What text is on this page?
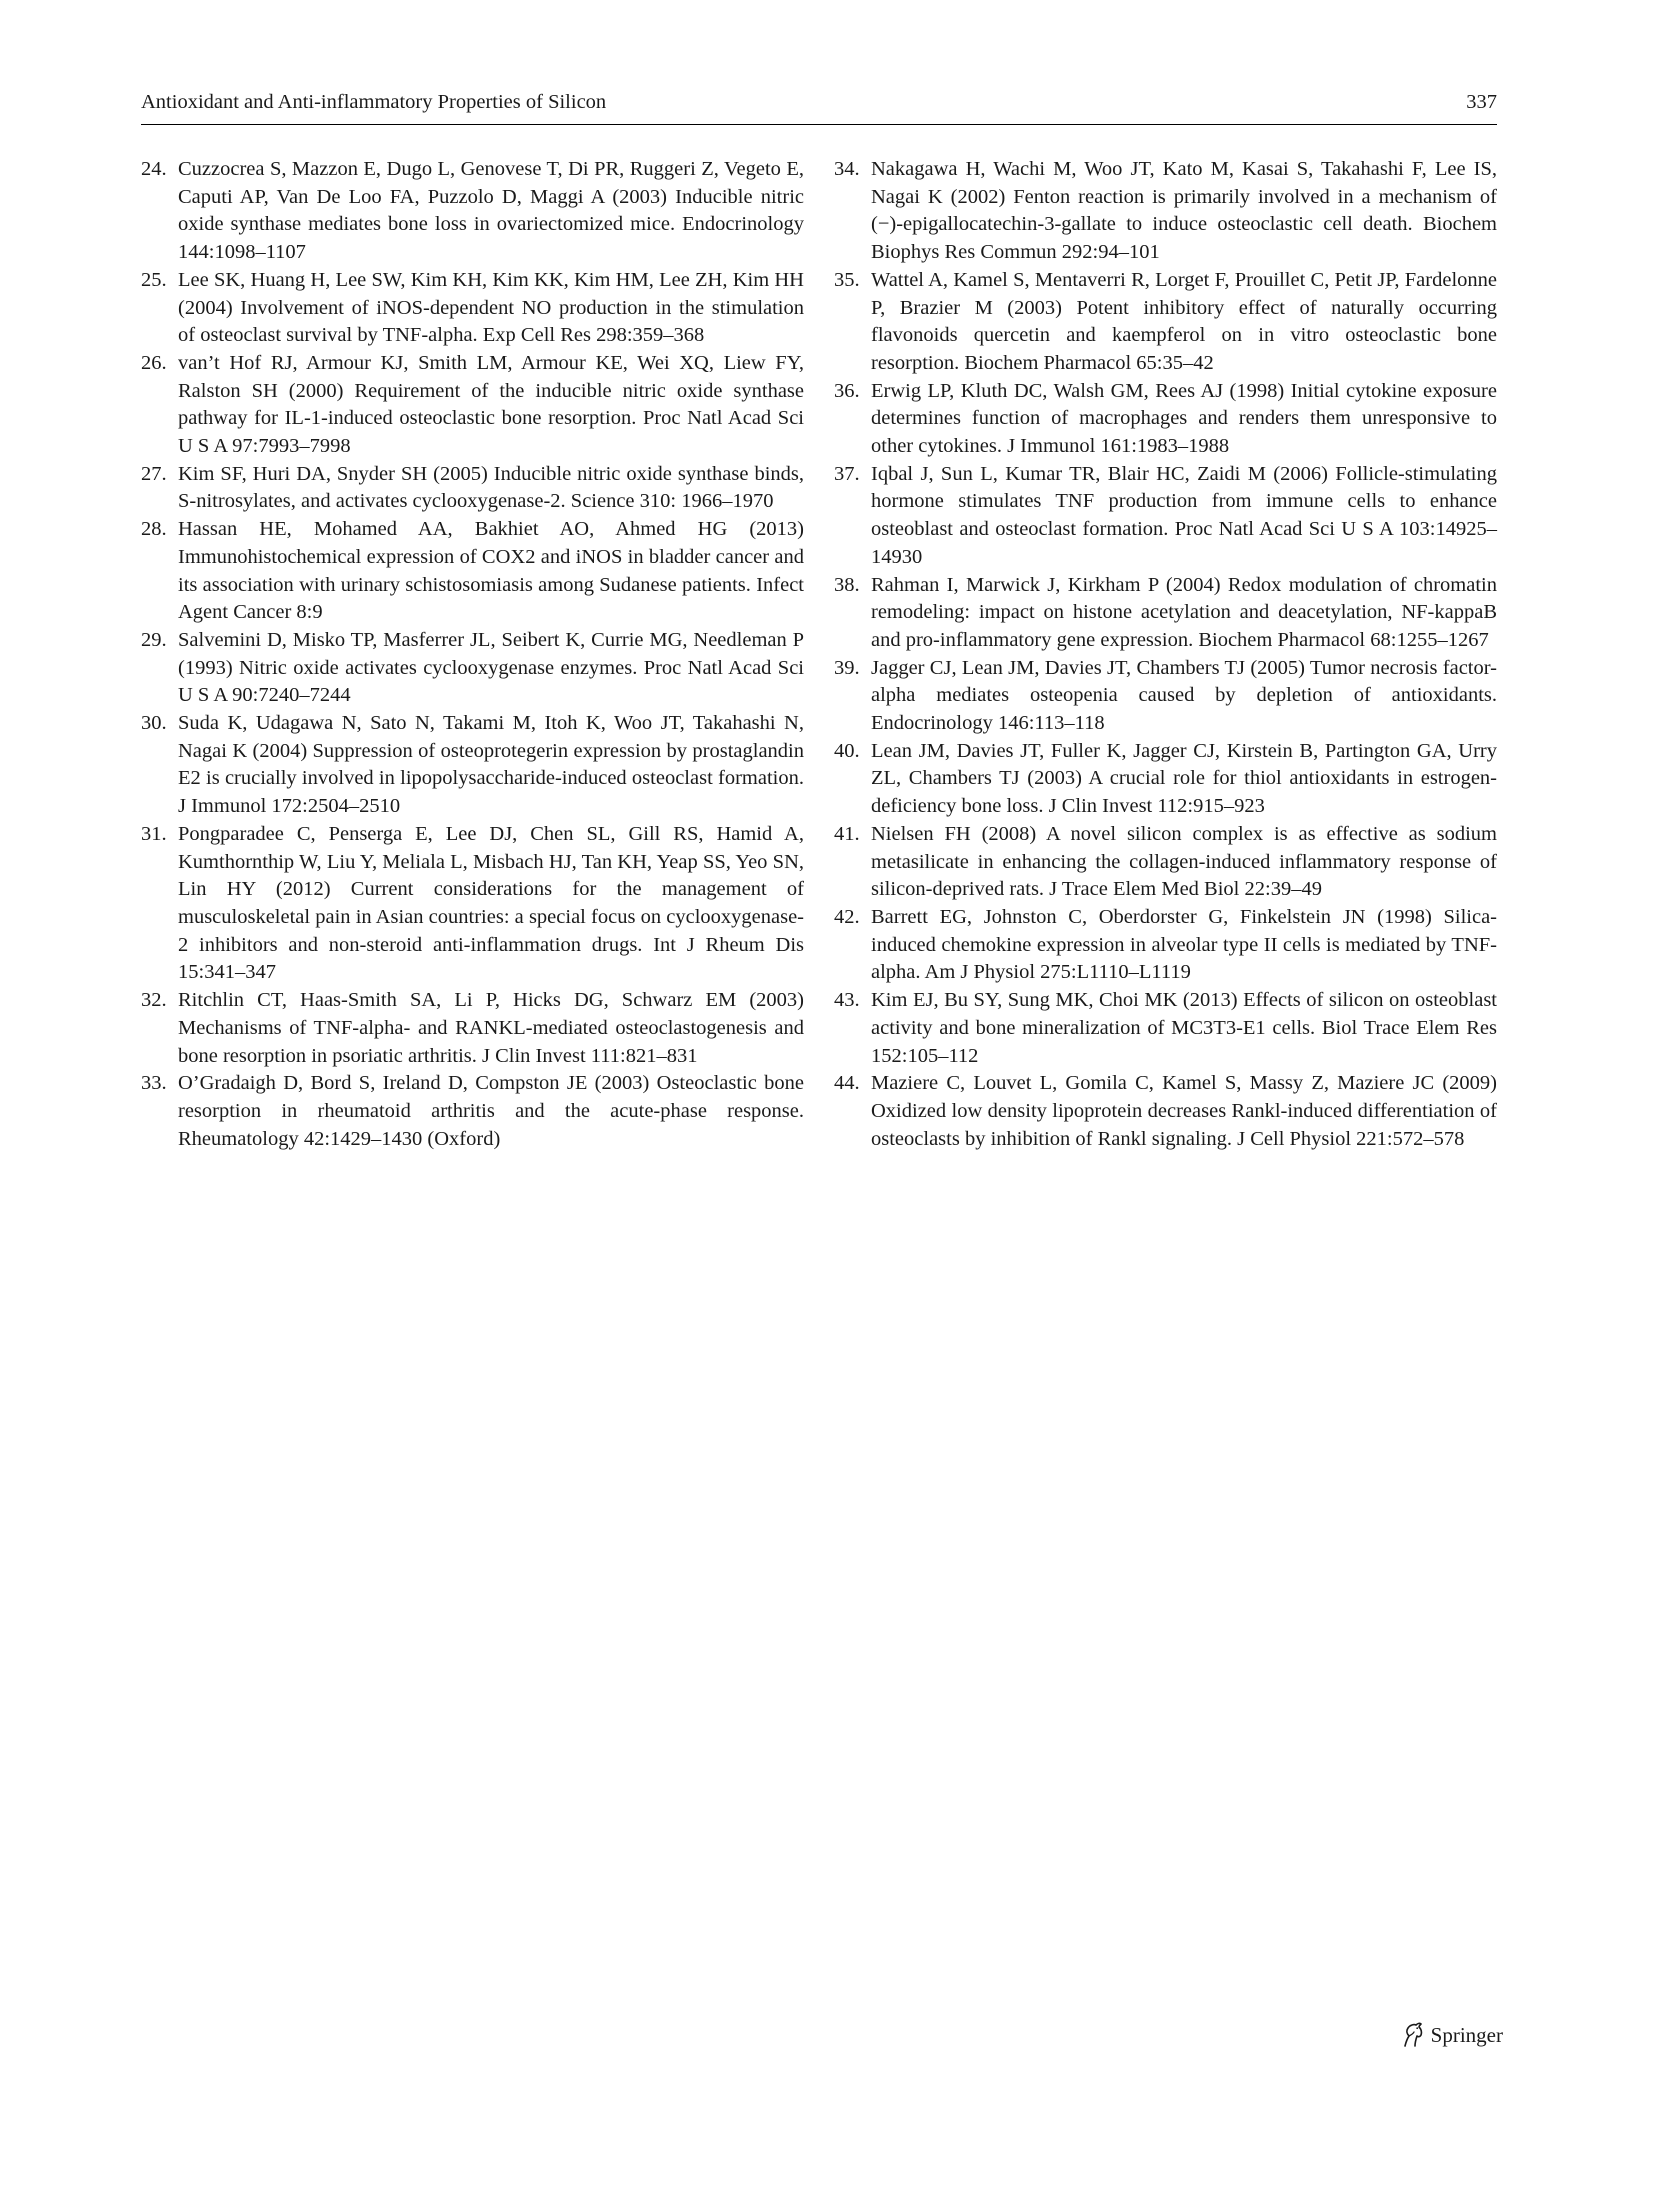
Antioxidant and Anti-inflammatory Properties of Silicon	337
24. Cuzzocrea S, Mazzon E, Dugo L, Genovese T, Di PR, Ruggeri Z, Vegeto E, Caputi AP, Van De Loo FA, Puzzolo D, Maggi A (2003) Inducible nitric oxide synthase mediates bone loss in ovariectomized mice. Endocrinology 144:1098–1107
25. Lee SK, Huang H, Lee SW, Kim KH, Kim KK, Kim HM, Lee ZH, Kim HH (2004) Involvement of iNOS-dependent NO production in the stimulation of osteoclast survival by TNF-alpha. Exp Cell Res 298:359–368
26. van’t Hof RJ, Armour KJ, Smith LM, Armour KE, Wei XQ, Liew FY, Ralston SH (2000) Requirement of the inducible nitric oxide synthase pathway for IL-1-induced osteoclastic bone resorption. Proc Natl Acad Sci U S A 97:7993–7998
27. Kim SF, Huri DA, Snyder SH (2005) Inducible nitric oxide synthase binds, S-nitrosylates, and activates cyclooxygenase-2. Science 310: 1966–1970
28. Hassan HE, Mohamed AA, Bakhiet AO, Ahmed HG (2013) Immunohistochemical expression of COX2 and iNOS in bladder cancer and its association with urinary schistosomiasis among Sudanese patients. Infect Agent Cancer 8:9
29. Salvemini D, Misko TP, Masferrer JL, Seibert K, Currie MG, Needleman P (1993) Nitric oxide activates cyclooxygenase enzymes. Proc Natl Acad Sci U S A 90:7240–7244
30. Suda K, Udagawa N, Sato N, Takami M, Itoh K, Woo JT, Takahashi N, Nagai K (2004) Suppression of osteoprotegerin expression by prostaglandin E2 is crucially involved in lipopolysaccharide-induced osteoclast formation. J Immunol 172:2504–2510
31. Pongparadee C, Penserga E, Lee DJ, Chen SL, Gill RS, Hamid A, Kumthornthip W, Liu Y, Meliala L, Misbach HJ, Tan KH, Yeap SS, Yeo SN, Lin HY (2012) Current considerations for the management of musculoskeletal pain in Asian countries: a special focus on cyclooxygenase-2 inhibitors and non-steroid anti-inflammation drugs. Int J Rheum Dis 15:341–347
32. Ritchlin CT, Haas-Smith SA, Li P, Hicks DG, Schwarz EM (2003) Mechanisms of TNF-alpha- and RANKL-mediated osteoclastogenesis and bone resorption in psoriatic arthritis. J Clin Invest 111:821–831
33. O’Gradaigh D, Bord S, Ireland D, Compston JE (2003) Osteoclastic bone resorption in rheumatoid arthritis and the acute-phase response. Rheumatology 42:1429–1430 (Oxford)
34. Nakagawa H, Wachi M, Woo JT, Kato M, Kasai S, Takahashi F, Lee IS, Nagai K (2002) Fenton reaction is primarily involved in a mechanism of (−)-epigallocatechin-3-gallate to induce osteoclastic cell death. Biochem Biophys Res Commun 292:94–101
35. Wattel A, Kamel S, Mentaverri R, Lorget F, Prouillet C, Petit JP, Fardelonne P, Brazier M (2003) Potent inhibitory effect of naturally occurring flavonoids quercetin and kaempferol on in vitro osteoclastic bone resorption. Biochem Pharmacol 65:35–42
36. Erwig LP, Kluth DC, Walsh GM, Rees AJ (1998) Initial cytokine exposure determines function of macrophages and renders them unresponsive to other cytokines. J Immunol 161:1983–1988
37. Iqbal J, Sun L, Kumar TR, Blair HC, Zaidi M (2006) Follicle-stimulating hormone stimulates TNF production from immune cells to enhance osteoblast and osteoclast formation. Proc Natl Acad Sci U S A 103:14925–14930
38. Rahman I, Marwick J, Kirkham P (2004) Redox modulation of chromatin remodeling: impact on histone acetylation and deacetylation, NF-kappaB and pro-inflammatory gene expression. Biochem Pharmacol 68:1255–1267
39. Jagger CJ, Lean JM, Davies JT, Chambers TJ (2005) Tumor necrosis factor-alpha mediates osteopenia caused by depletion of antioxidants. Endocrinology 146:113–118
40. Lean JM, Davies JT, Fuller K, Jagger CJ, Kirstein B, Partington GA, Urry ZL, Chambers TJ (2003) A crucial role for thiol antioxidants in estrogen-deficiency bone loss. J Clin Invest 112:915–923
41. Nielsen FH (2008) A novel silicon complex is as effective as sodium metasilicate in enhancing the collagen-induced inflammatory response of silicon-deprived rats. J Trace Elem Med Biol 22:39–49
42. Barrett EG, Johnston C, Oberdorster G, Finkelstein JN (1998) Silica-induced chemokine expression in alveolar type II cells is mediated by TNF-alpha. Am J Physiol 275:L1110–L1119
43. Kim EJ, Bu SY, Sung MK, Choi MK (2013) Effects of silicon on osteoblast activity and bone mineralization of MC3T3-E1 cells. Biol Trace Elem Res 152:105–112
44. Maziere C, Louvet L, Gomila C, Kamel S, Massy Z, Maziere JC (2009) Oxidized low density lipoprotein decreases Rankl-induced differentiation of osteoclasts by inhibition of Rankl signaling. J Cell Physiol 221:572–578
Springer
